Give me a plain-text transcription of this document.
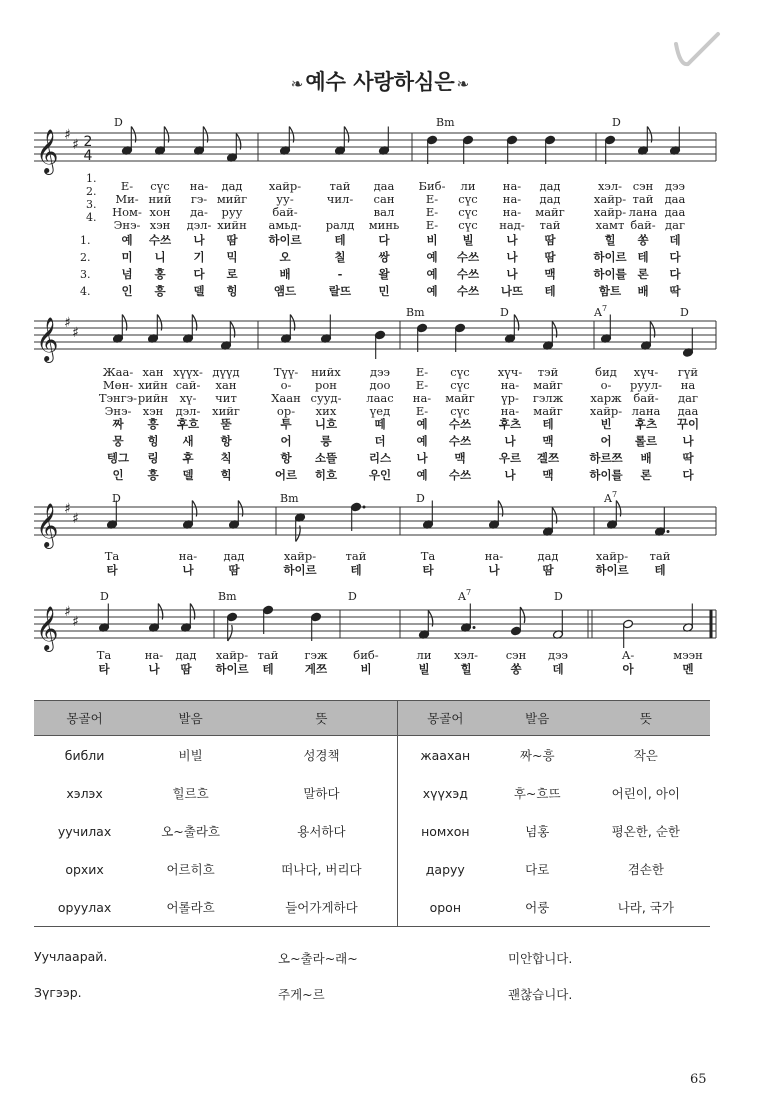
❧예수 사랑하심은 ❧
𝄞 ♯
♯ 2
4
D	Bm	D
𝄞 ♯
♯
Bm	D	$A^7$	D
𝄞 ♯
♯
D	Bm	D	$A^7$
𝄞 ♯
♯
D	Bm	D	$A^7$	D
Е- сүс на- дад хайр- тай даа Биб- ли на- дад	хэл- сэн дээ
1.
Ми- ний гэ- мийг	уу-	чил- сан	Е- сүс на- дад	хайр- тай даа
2.
Ном- хон да- руу	бай-	вал	Е- сүс на- майг	хайр- лана даа
3.
Энэ- хэн дэл- хийн амьд- ралд минь Е- сүс над- тай	хамт бай- даг
4.
예 수쓰 나 땀	하이르	테	다	비 빌	나 땀	힐 쏭 데
1.
미 니 기 믹	오	칠	쌍	예 수쓰 나 땀	하이르 테 다
2.
넘 홍 다 로	배	-	왈	예 수쓰 나 맥	하이를 론 다
3.
인 흥 델 힝	앰드	랄뜨 민	예 수쓰 나뜨 테	함트 배 딱
4.
Жаа- хан хүүх- дүүд	Түү- нийх	дээ Е- сүс хүч- тэй	бид хүч- гүй
Мөн- хийн сай- хан	о- рон	доо Е- сүс	на- майг	о- руул- на
Тэнгэ- рийн хү- чит	Хаан сууд- лаас на- майг үр- гэлж харж бай- даг
Энэ- хэн дэл- хийг	ор- хих	үед Е- сүс	на- майг хайр- лана даа
짜 흥 후흐 뚣	투 니흐	떼	예 수쓰 후츠 테	빈 후츠 꾸이
뭉 힝 새 항	어	릉	더	예 수쓰	나 맥	어 롤르 나
텡그 링 후 칙	항 소뜰	리스 나 맥	우르 겔쯔	하르쯔 배	딱
인 흥 델 힉	어르 히흐	우인 예 수쓰	나 맥	하이를 론	다
Та	на- дад	хайр-	тай	Та	на-	дад	хайр- тай
타	나	땀	하이르	테	타	나	땀	하이르 테
Та	на- дад хайр- тай гэж биб-	ли хэл- сэн дээ	А-	мээн
타	나 땀 하이르 테	게쯔	비	빌	힐	쏭	데	아	멘
몽골어	발음	뜻	몽골어	발음	뜻
библи	비빌	성경책	жаахан	짜~흥	작은
хэлэх	힐르흐	말하다	хүүхэд	후~흐뜨	어린이, 아이
уучилах	오~출라흐	용서하다	номхон	넘홍	평온한, 순한
орхих	어르히흐	떠나다, 버리다	даруу	다로	겸손한
оруулах	어롤라흐	들어가게하다	орон	어룽	나라, 국가
Уучлаарай.	오~출라~래~	미안합니다.
Зүгээр.	주게~르	괜찮습니다.
65
